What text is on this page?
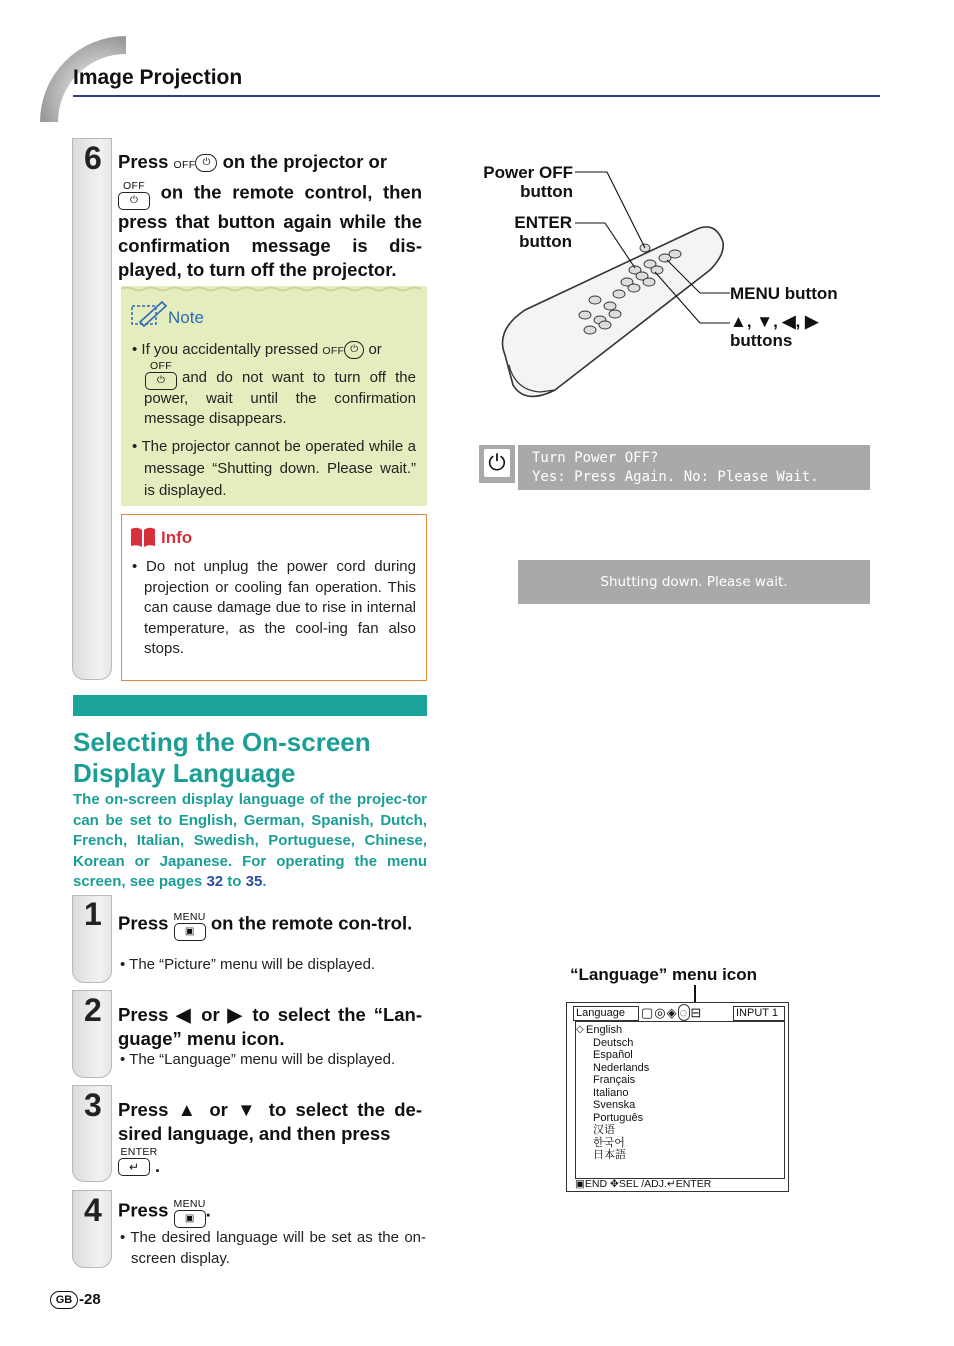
Image Projection
6 Press OFF ⏻ on the projector or
OFF
⏻ on the remote control, then press that button again while the confirmation message is dis-played, to turn off the projector.
Note
• If you accidentally pressed OFF ⏻ or
OFF
⏻	and do not want to turn off the power, wait until the confirmation message disappears.
• The projector cannot be operated while a message “Shutting down. Please wait.” is displayed.
Info
• Do not unplug the power cord during projection or cooling fan operation. This can cause damage due to rise in internal temperature, as the cool-ing fan also stops.
Power OFF
button
ENTER
button
MENU button
▲, ▼, ◀, ▶
buttons
⏻	Turn Power OFF?
Yes: Press Again. No: Please Wait.
Shutting down. Please wait.
Selecting the On-screen
Display Language
The on-screen display language of the projec-tor can be set to English, German, Spanish, Dutch, French, Italian, Swedish, Portuguese, Chinese, Korean or Japanese. For operating the menu screen, see pages 32 to 35.
1 Press MENU
▣ on the remote con-trol.
• The “Picture” menu will be displayed.
2 Press ◀ or ▶ to select the “Lan-guage” menu icon.
• The “Language” menu will be displayed.
3 Press ▲ or ▼ to select the de-sired language, and then press
ENTER
↵ .
4 Press MENU
▣ .
• The desired language will be set as the on-screen display.
“Language” menu icon
Language	▢◎◈ ◌ ⊟	INPUT 1
◇ English
Deutsch
Español
Nederlands
Français
Italiano
Svenska
Português
汉语
한국어
日本語
▣END ✥SEL /ADJ.↵ENTER
GB -28
